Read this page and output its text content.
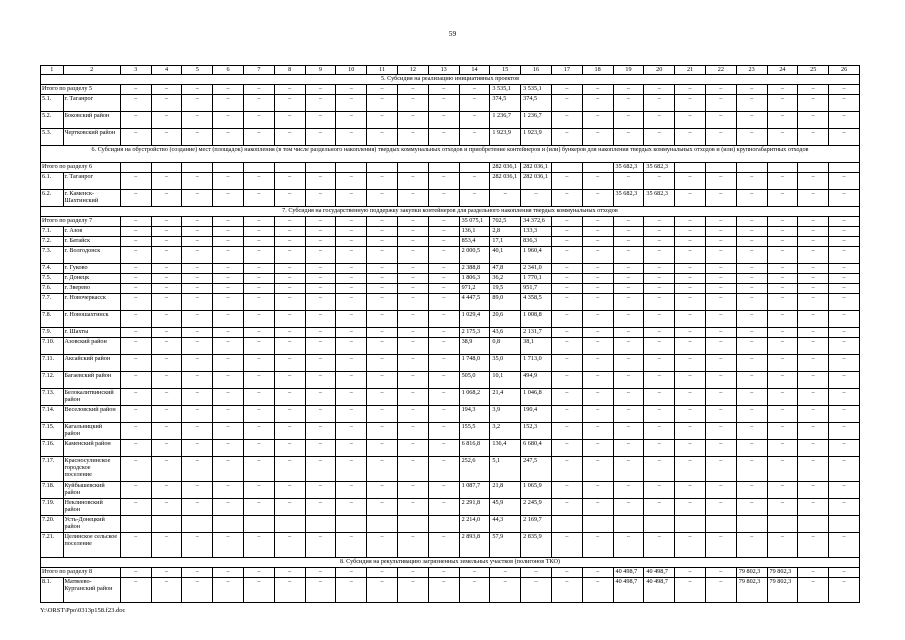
59
1	2	3	4	5	6	7	8	9	10	11	12	13	14	15	16	17	18	19	20	21	22	23	24	25	26
5. Субсидия на реализацию инициативных проектов																									
Итого по разделу 5		–	–	–	–	–	–	–	–	–	–	–	–	3 535,1	3 535,1	–	–	–	–	–	–	–	–	–	–
5.1.	г. Таганрог	–	–	–	–	–	–	–	–	–	–	–	–	374,5	374,5	–	–	–	–	–	–	–	–	–	–
5.2.	Боковский район	–	–	–	–	–	–	–	–	–	–	–	–	1 236,7	1 236,7	–	–	–	–	–	–	–	–	–	–
5.3.	Чертковский район	–	–	–	–	–	–	–	–	–	–	–	–	1 923,9	1 923,9	–	–	–	–	–	–	–	–	–	–
6. Субсидия на обустройство (создание) мест (площадок) накопления (в том числе раздельного накопления) твердых коммунальных отходов и приобретение контейнеров и (или) бункеров для накопления твердых коммунальных отходов и (или) крупногабаритных отходов																									
Итого по разделу 6														282 036,1	282 036,1			35 682,3	35 682,3						
6.1.	г. Таганрог	–	–	–	–	–	–	–	–	–	–	–	–	282 036,1	282 036,1	–	–	–	–	–	–	–	–	–	–
6.2.	г. Каменск-Шахтинский	–	–	–	–	–	–	–	–	–	–	–	–	–	–	–	–	35 682,3	35 682,3	–	–	–	–	–	–
7. Субсидия на государственную поддержку закупки контейнеров для раздельного накопления твердых коммунальных отходов																									
Итого по разделу 7		–	–	–	–	–	–	–	–	–	–	–	35 075,1	702,5	34 372,6	–	–	–	–	–	–	–	–	–	–
7.1.	г. Азов	–	–	–	–	–	–	–	–	–	–	–	136,1	2,8	133,3	–	–	–	–	–	–	–	–	–	–
7.2.	г. Батайск	–	–	–	–	–	–	–	–	–	–	–	853,4	17,1	836,3	–	–	–	–	–	–	–	–	–	–
7.3.	г. Волгодонск	–	–	–	–	–	–	–	–	–	–	–	2 000,5	40,1	1 960,4	–	–	–	–	–	–	–	–	–	–
7.4.	г. Гуково	–	–	–	–	–	–	–	–	–	–	–	2 388,8	47,8	2 341,0	–	–	–	–	–	–	–	–	–	–
7.5.	г. Донецк	–	–	–	–	–	–	–	–	–	–	–	1 806,3	36,2	1 770,1	–	–	–	–	–	–	–	–	–	–
7.6.	г. Зверево	–	–	–	–	–	–	–	–	–	–	–	971,2	19,5	951,7	–	–	–	–	–	–	–	–	–	–
7.7.	г. Новочеркасск	–	–	–	–	–	–	–	–	–	–	–	4 447,5	89,0	4 358,5	–	–	–	–	–	–	–	–	–	–
7.8.	г. Новошахтинск	–	–	–	–	–	–	–	–	–	–	–	1 029,4	20,6	1 008,8	–	–	–	–	–	–	–	–	–	–
7.9.	г. Шахты	–	–	–	–	–	–	–	–	–	–	–	2 175,3	43,6	2 131,7	–	–	–	–	–	–	–	–	–	–
7.10.	Азовский район	–	–	–	–	–	–	–	–	–	–	–	38,9	0,8	38,1	–	–	–	–	–	–	–	–	–	–
7.11.	Аксайский район	–	–	–	–	–	–	–	–	–	–	–	1 748,0	35,0	1 713,0	–	–	–	–	–	–	–	–	–	–
7.12.	Багаевский район	–	–	–	–	–	–	–	–	–	–	–	505,0	10,1	494,9	–	–	–	–	–	–	–	–	–	–
7.13.	Белокалитвинский район	–	–	–	–	–	–	–	–	–	–	–	1 068,2	21,4	1 046,8	–	–	–	–	–	–	–	–	–	–
7.14.	Веселовский район	–	–	–	–	–	–	–	–	–	–	–	194,3	3,9	190,4	–	–	–	–	–	–	–	–	–	–
7.15.	Кагальницкий район	–	–	–	–	–	–	–	–	–	–	–	155,5	3,2	152,3	–	–	–	–	–	–	–	–	–	–
7.16.	Каменский район	–	–	–	–	–	–	–	–	–	–	–	6 816,8	136,4	6 680,4	–	–	–	–	–	–	–	–	–	–
7.17.	Красносулинское городское поселение	–	–	–	–	–	–	–	–	–	–	–	252,6	5,1	247,5	–	–	–	–	–	–	–	–	–	–
7.18.	Куйбышевский район	–	–	–	–	–	–	–	–	–	–	–	1 087,7	21,8	1 065,9	–	–	–	–	–	–	–	–	–	–
7.19.	Неклиновский район	–	–	–	–	–	–	–	–	–	–	–	2 291,8	45,9	2 245,9	–	–	–	–	–	–	–	–	–	–
7.20.	Усть-Донецкий район												2 214,0	44,3	2 169,7										
7.21.	Целинское сельское поселение	–	–	–	–	–	–	–	–	–	–	–	2 893,8	57,9	2 835,9	–	–	–	–	–	–	–	–	–	–
8. Субсидия на рекультивацию загрязненных земельных участков (полигонов ТКО)																									
Итого по разделу 8		–	–	–	–	–	–	–	–	–	–	–	–	–	–	–	–	40 498,7	40 498,7	–	–	79 802,3	79 802,3	–	–
8.1.	Матвеево-Курганский район	–	–	–	–	–	–	–	–	–	–	–	–	–	–	–	–	40 498,7	40 498,7	–	–	79 802,3	79 802,3	–	–
Y:\ORST\Ppo\0313p158.f23.doc
